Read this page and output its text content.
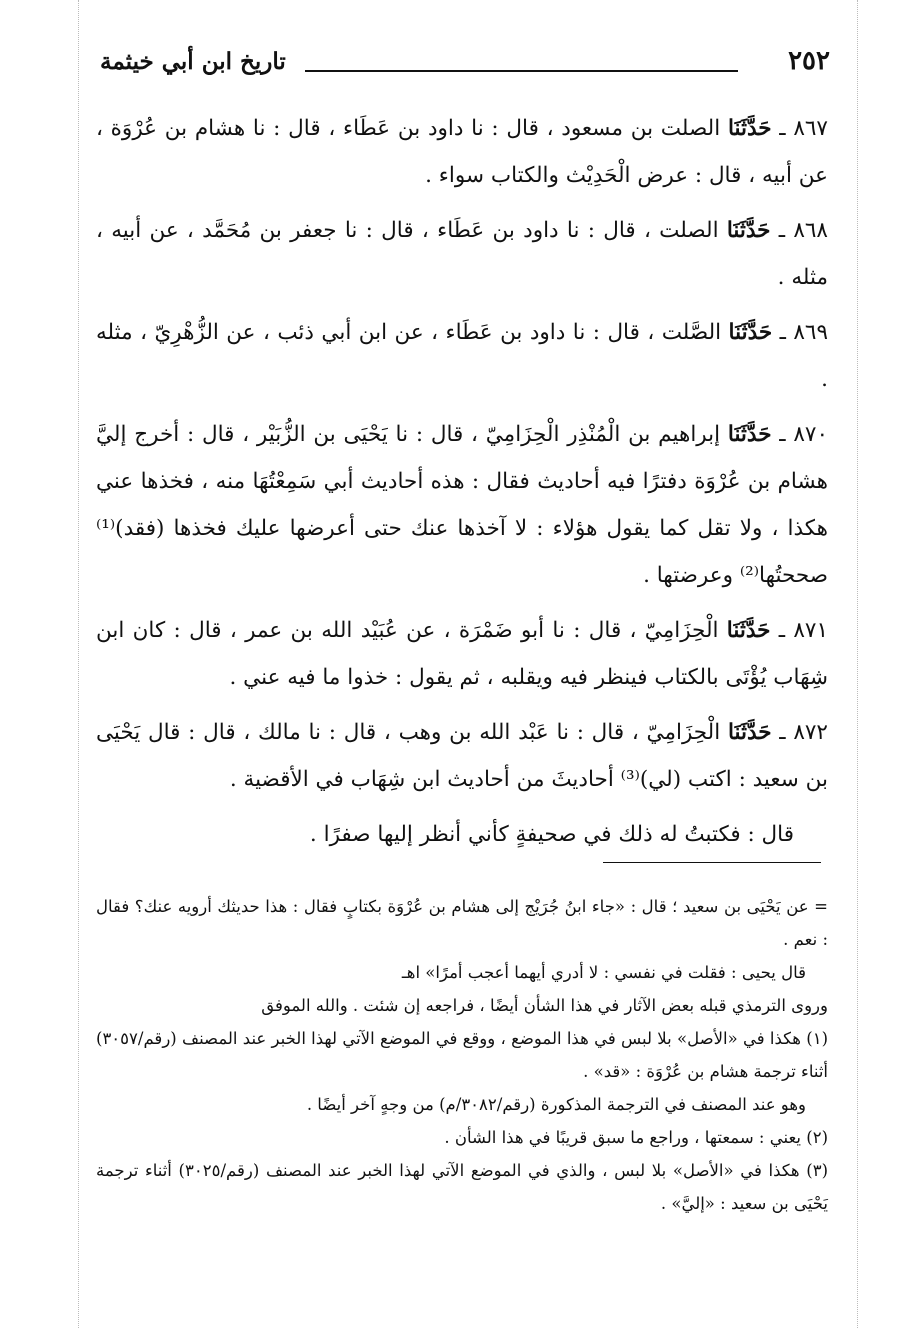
٢٥٢
تاريخ ابن أبي خيثمة

٨٦٧ ـ حَدَّثَنَا الصلت بن مسعود ، قال : نا داود بن عَطَاء ، قال : نا هشام بن عُرْوَة ، عن أبيه ، قال : عرض الْحَدِيْث والكتاب سواء .

٨٦٨ ـ حَدَّثَنَا الصلت ، قال : نا داود بن عَطَاء ، قال : نا جعفر بن مُحَمَّد ، عن أبيه ، مثله .

٨٦٩ ـ حَدَّثَنَا الصَّلت ، قال : نا داود بن عَطَاء ، عن ابن أبي ذئب ، عن الزُّهْرِيّ ، مثله .

٨٧٠ ـ حَدَّثَنَا إبراهيم بن الْمُنْذِر الْحِزَامِيّ ، قال : نا يَحْيَى بن الزُّبَيْر ، قال : أخرج إليَّ هشام بن عُرْوَة دفترًا فيه أحاديث فقال : هذه أحاديث أبي سَمِعْتُهَا منه ، فخذها عني هكذا ، ولا تقل كما يقول هؤلاء : لا آخذها عنك حتى أعرضها عليك فخذها (فقد)⁽¹⁾ صححتُها⁽²⁾ وعرضتها .

٨٧١ ـ حَدَّثَنَا الْحِزَامِيّ ، قال : نا أبو ضَمْرَة ، عن عُبَيْد الله بن عمر ، قال : كان ابن شِهَاب يُؤْتَى بالكتاب فينظر فيه ويقلبه ، ثم يقول : خذوا ما فيه عني .

٨٧٢ ـ حَدَّثَنَا الْحِزَامِيّ ، قال : نا عَبْد الله بن وهب ، قال : نا مالك ، قال : قال يَحْيَى بن سعيد : اكتب (لي)⁽³⁾ أحاديثَ من أحاديث ابن شِهَاب في الأقضية .

قال : فكتبتُ له ذلك في صحيفةٍ كأني أنظر إليها صفرًا .

= عن يَحْيَى بن سعيد ؛ قال : «جاء ابنُ جُرَيْج إلى هشام بن عُرْوَة بكتابٍ فقال : هذا حديثك أرويه عنك؟ فقال : نعم .

قال يحيى : فقلت في نفسي : لا أدري أيهما أعجب أمرًا» اهـ

وروى الترمذي قبله بعض الآثار في هذا الشأن أيضًا ، فراجعه إن شئت . والله الموفق

(١) هكذا في «الأصل» بلا لبس في هذا الموضع ، ووقع في الموضع الآتي لهذا الخبر عند المصنف (رقم/٣٠٥٧) أثناء ترجمة هشام بن عُرْوَة : «قد» .

وهو عند المصنف في الترجمة المذكورة (رقم/٣٠٨٢/م) من وجهٍ آخر أيضًا .

(٢) يعني : سمعتها ، وراجع ما سبق قريبًا في هذا الشأن .

(٣) هكذا في «الأصل» بلا لبس ، والذي في الموضع الآتي لهذا الخبر عند المصنف (رقم/٣٠٢٥) أثناء ترجمة يَحْيَى بن سعيد : «إليَّ» .
